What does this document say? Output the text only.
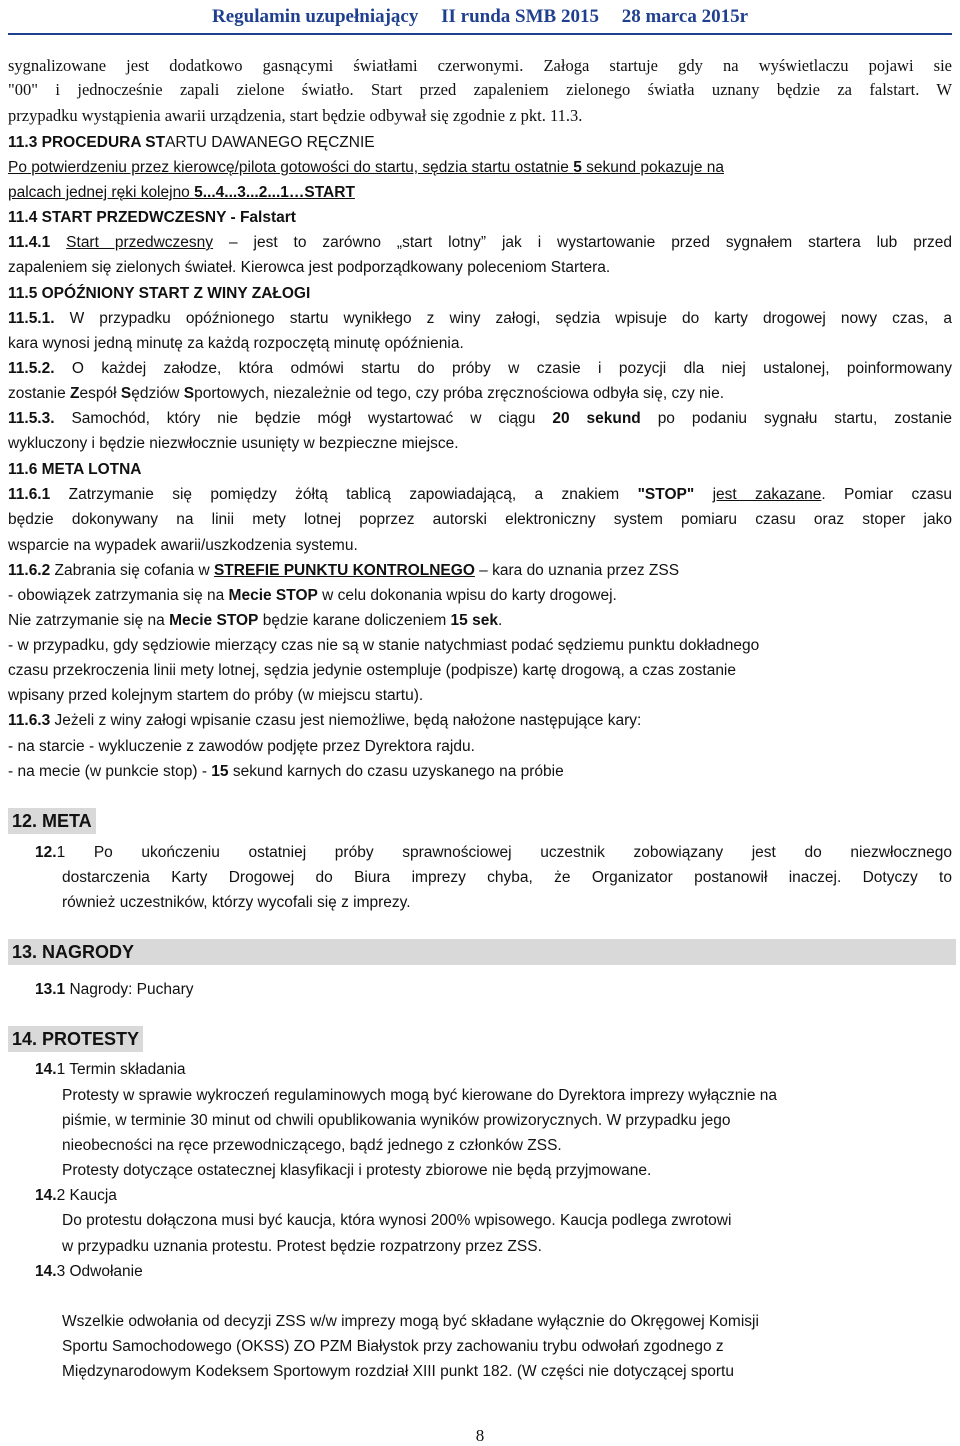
Regulamin uzupełniający II runda SMB 2015 28 marca 2015r
sygnalizowane jest dodatkowo gasnącymi światłami czerwonymi. Załoga startuje gdy na wyświetlaczu pojawi sie
"00" i jednocześnie zapali zielone światło. Start przed zapaleniem zielonego światła uznany będzie za falstart. W
przypadku wystąpienia awarii urządzenia, start będzie odbywał się zgodnie z pkt. 11.3.
11.3 PROCEDURA STARTU DAWANEGO RĘCZNIE
Po potwierdzeniu przez kierowcę/pilota gotowości do startu, sędzia startu ostatnie 5 sekund pokazuje na
palcach jednej ręki kolejno 5...4...3...2...1…START
11.4 START PRZEDWCZESNY - Falstart
11.4.1 Start przedwczesny – jest to zarówno „start lotny” jak i wystartowanie przed sygnałem startera lub przed
zapaleniem się zielonych świateł. Kierowca jest podporządkowany poleceniom Startera.
11.5 OPÓŹNIONY START Z WINY ZAŁOGI
11.5.1. W przypadku opóźnionego startu wynikłego z winy załogi, sędzia wpisuje do karty drogowej nowy czas, a
kara wynosi jedną minutę za każdą rozpoczętą minutę opóźnienia.
11.5.2. O każdej załodze, która odmówi startu do próby w czasie i pozycji dla niej ustalonej, poinformowany
zostanie Zespół Sędziów Sportowych, niezależnie od tego, czy próba zręcznościowa odbyła się, czy nie.
11.5.3. Samochód, który nie będzie mógł wystartować w ciągu 20 sekund po podaniu sygnału startu, zostanie
wykluczony i będzie niezwłocznie usunięty w bezpieczne miejsce.
11.6 META LOTNA
11.6.1 Zatrzymanie się pomiędzy żółtą tablicą zapowiadającą, a znakiem "STOP" jest zakazane. Pomiar czasu
będzie dokonywany na linii mety lotnej poprzez autorski elektroniczny system pomiaru czasu oraz stoper jako
wsparcie na wypadek awarii/uszkodzenia systemu.
11.6.2 Zabrania się cofania w STREFIE PUNKTU KONTROLNEGO – kara do uznania przez ZSS
- obowiązek zatrzymania się na Mecie STOP w celu dokonania wpisu do karty drogowej.
Nie zatrzymanie się na Mecie STOP będzie karane doliczeniem 15 sek.
- w przypadku, gdy sędziowie mierzący czas nie są w stanie natychmiast podać sędziemu punktu dokładnego
czasu przekroczenia linii mety lotnej, sędzia jedynie ostempluje (podpisze) kartę drogową, a czas zostanie
wpisany przed kolejnym startem do próby (w miejscu startu).
11.6.3 Jeżeli z winy załogi wpisanie czasu jest niemożliwe, będą nałożone następujące kary:
- na starcie - wykluczenie z zawodów podjęte przez Dyrektora rajdu.
- na mecie (w punkcie stop) - 15 sekund karnych do czasu uzyskanego na próbie
12. META
12.1 Po ukończeniu ostatniej próby sprawnościowej uczestnik zobowiązany jest do niezwłocznego
dostarczenia Karty Drogowej do Biura imprezy chyba, że Organizator postanowił inaczej. Dotyczy to
również uczestników, którzy wycofali się z imprezy.
13. NAGRODY
13.1 Nagrody: Puchary
14. PROTESTY
14.1 Termin składania
Protesty w sprawie wykroczeń regulaminowych mogą być kierowane do Dyrektora imprezy wyłącznie na
piśmie, w terminie 30 minut od chwili opublikowania wyników prowizorycznych. W przypadku jego
nieobecności na ręce przewodniczącego, bądź jednego z członków ZSS.
Protesty dotyczące ostatecznej klasyfikacji i protesty zbiorowe nie będą przyjmowane.
14.2 Kaucja
Do protestu dołączona musi być kaucja, która wynosi 200% wpisowego. Kaucja podlega zwrotowi
w przypadku uznania protestu. Protest będzie rozpatrzony przez ZSS.
14.3 Odwołanie
Wszelkie odwołania od decyzji ZSS w/w imprezy mogą być składane wyłącznie do Okręgowej Komisji
Sportu Samochodowego (OKSS) ZO PZM Białystok przy zachowaniu trybu odwołań zgodnego z
Międzynarodowym Kodeksem Sportowym rozdział XIII punkt 182. (W części nie dotyczącej sportu
8
